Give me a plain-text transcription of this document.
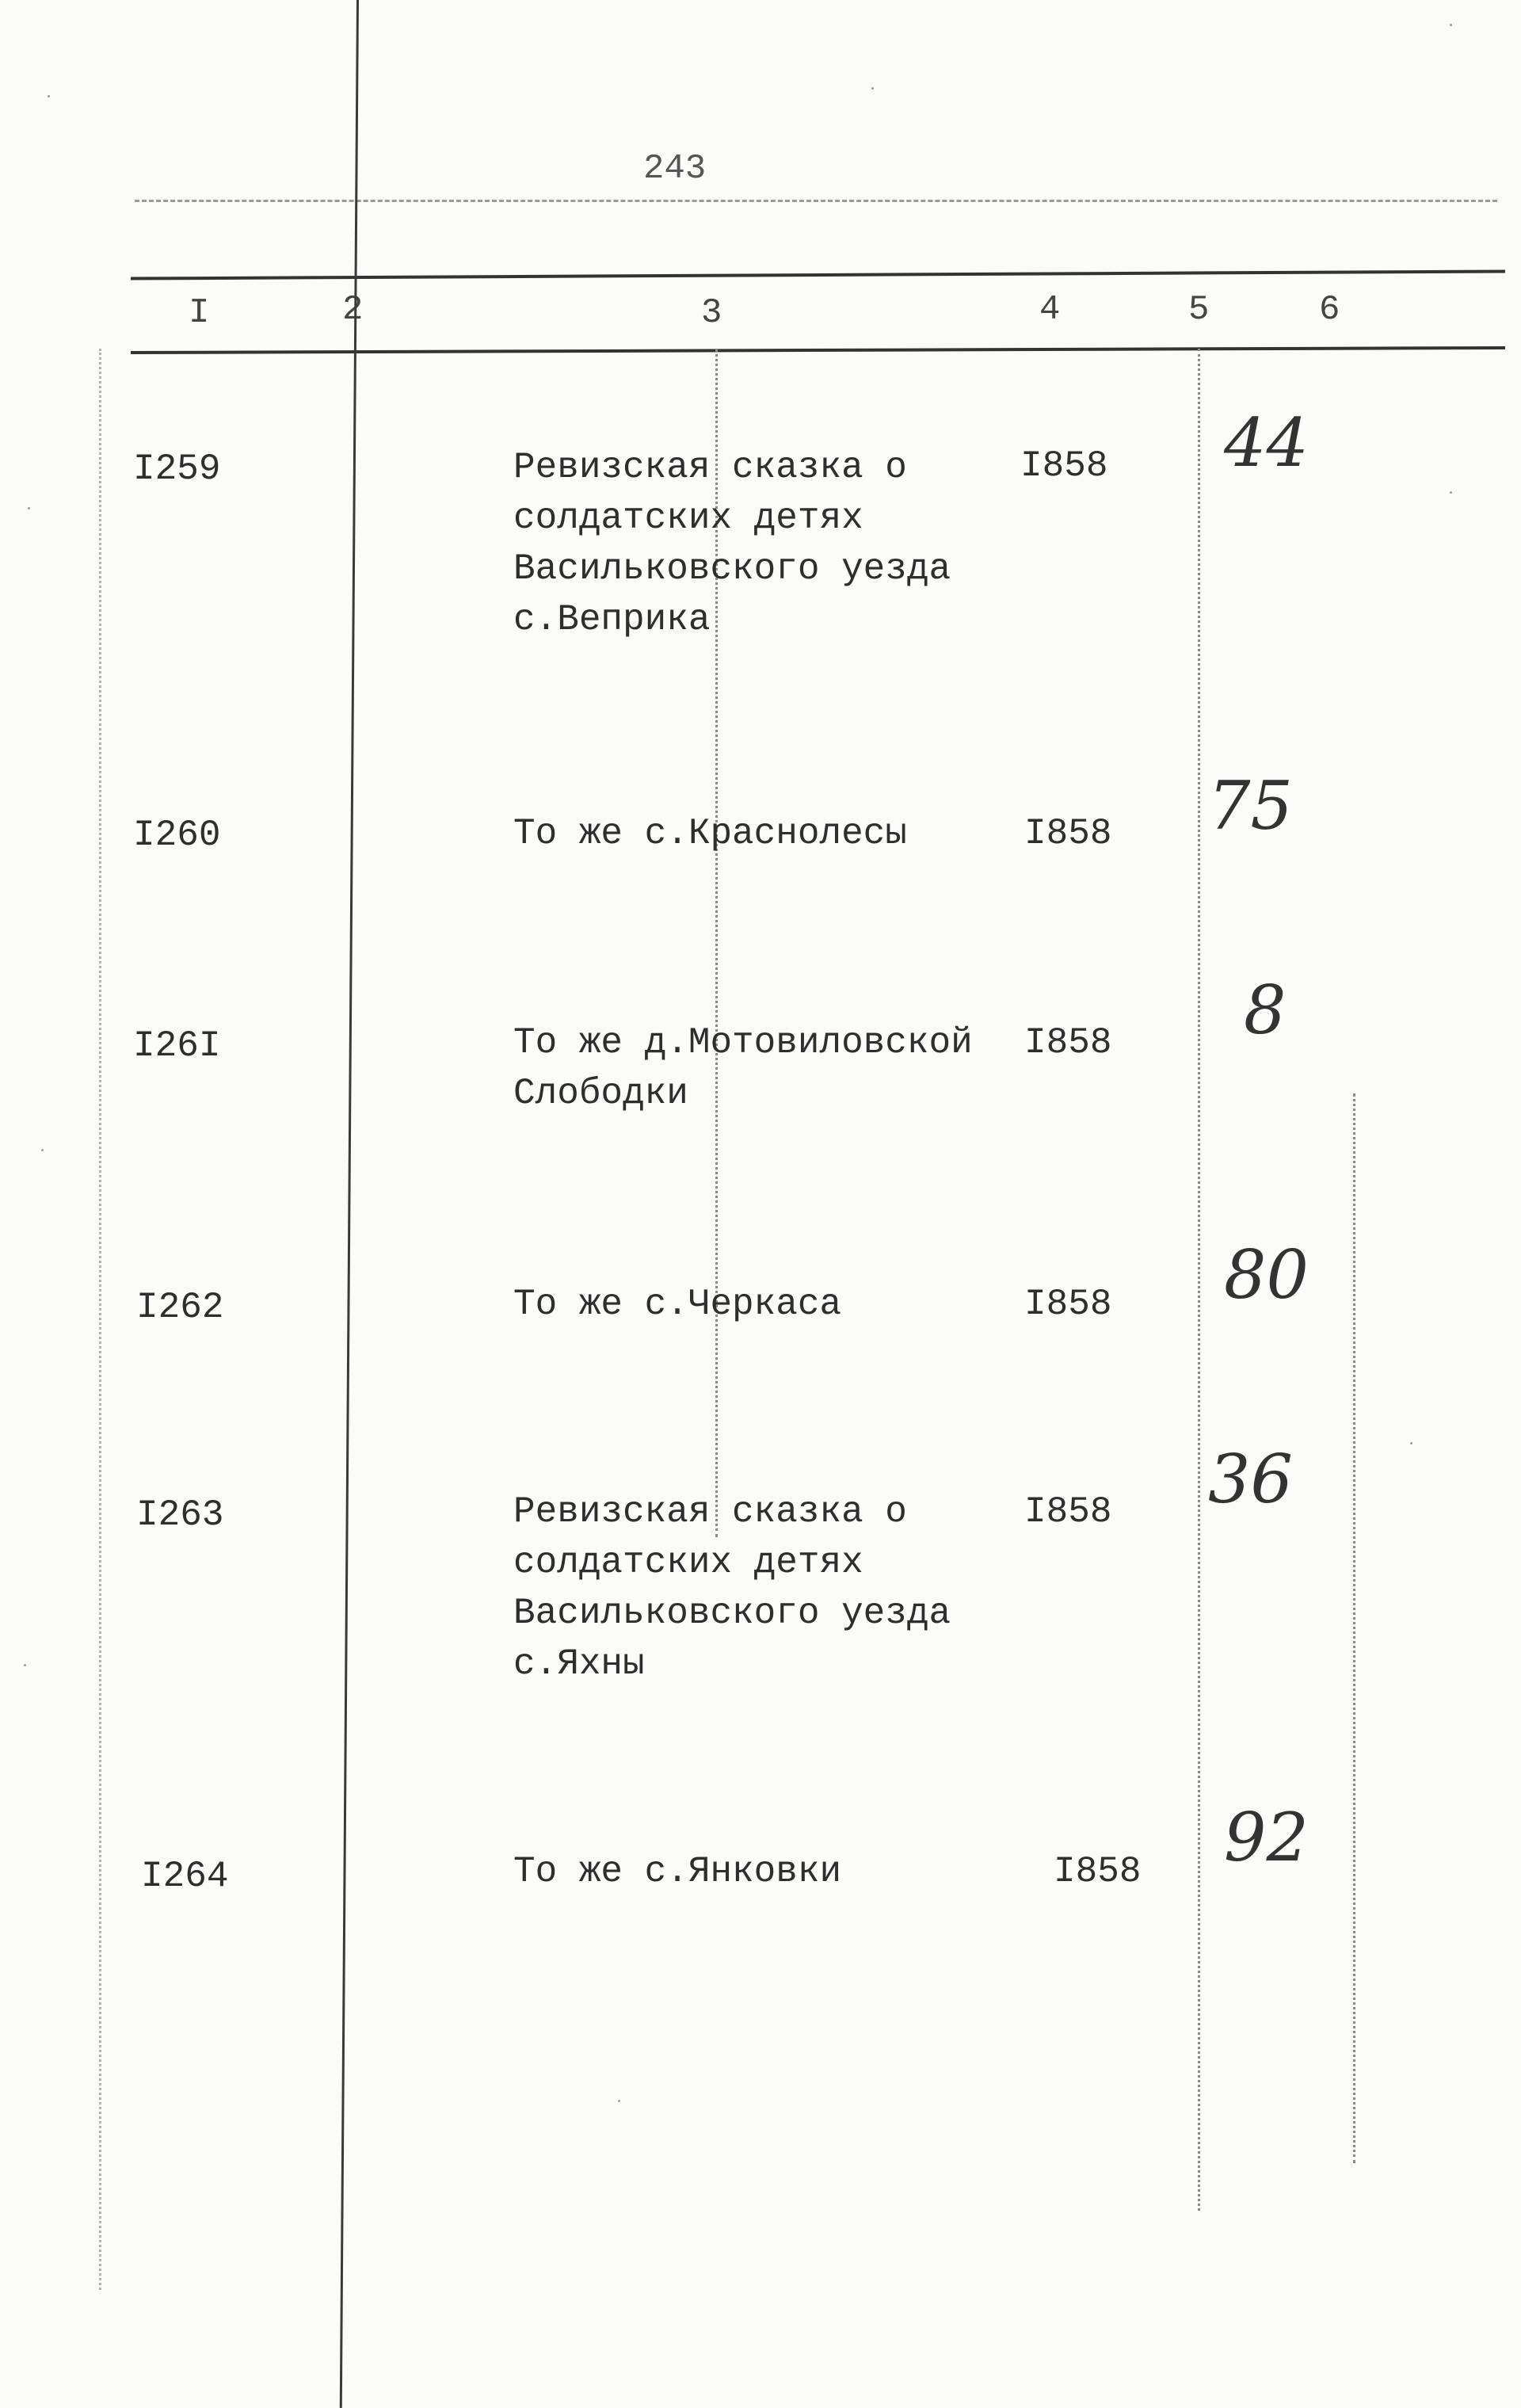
243
I	2	3	4	5	6
I259	Ревизская сказка о
солдатских детях
Васильковского уезда
с.Веприка
I858 44
I260	То же с.Краснолесы	I858 75
I26I	То же д.Мотовиловской
Слободки
I858 8
I262	То же с.Черкаса	I858 80
I263	Ревизская сказка о
солдатских детях
Васильковского уезда
с.Яхны
I858 36
I264	То же с.Янковки	I858 92
